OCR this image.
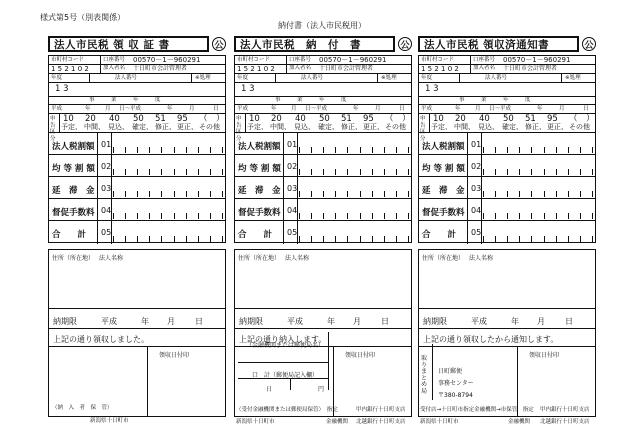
様式第5号（別表関係）
納付書（法人市民税用）
法人市民税 領 収 証 書	公
市町村コード	口座番号 00570－1－960291
1 5 2 1 0 2	加入者名 十日町市会計管理者
年度	法人番号	※処理
1 3
事　　　業　　　年　　　度
平成	年	月 日～平成	年	月	日
申告区分
10 20 40 50 51 95 （　）
予定、 中間、 見込、 確定、 修正、 更正、 その他
法人税割額 01
均 等 割 額 02
延　滞　金 03
督促手数料 04
合　　計 05
住所（所在地） 法人名称
納期限	平成	年 月	日
上記の通り領収しました。
領収日付印
法人市民税　納　付　書	公
市町村コード	口座番号 00570－1－960291
1 5 2 1 0 2	加入者名 十日町市会計管理者
年度	法人番号	※処理
1 3
事　　　業　　　年　　　度
平成	年	月 日～平成	年	月	日
申告区分
10 20 40 50 51 95 （　）
予定、 中間、 見込、 確定、 修正、 更正、 その他
法人税割額 01
均 等 割 額 02
延　滞　金 03
督促手数料 04
合　　計 05
住所（所在地） 法人名称
納期限	平成	年 月	日
上記の通り納入します。
領収日付印
法人市民税 領収済通知書	公
市町村コード	口座番号 00570－1－960291
1 5 2 1 0 2	加入者名 十日町市会計管理者
年度	法人番号	※処理
1 3
事　　　業　　　年　　　度
平成	年	月 日～平成	年	月	日
申告区分
10 20 40 50 51 95 （　）
予定、 中間、 見込、 確定、 修正、 更正、 その他
法人税割額 01
均 等 割 額 02
延　滞　金 03
督促手数料 04
合　　計 05
住所（所在地） 法人名称
納期限	平成	年 月	日
上記の通り領収したから通知します。
領収日付印
（納　入　者　保　管）
新潟県十日町市
（金融機関または郵便局名）
口　計（郵便局記入欄）
日	円
（受付金融機関または郵便局保管）　指定	甲内銀行十日町支店
新潟県十日町市	金融機関 北越銀行十日町支店
取りまとめ局
日町郵便
事務センター
〒380-8794
受付店→十日町市指定金融機関→市保管　指定 甲内銀行十日町支店
新潟県十日町市	金融機関 北越銀行十日町支店
